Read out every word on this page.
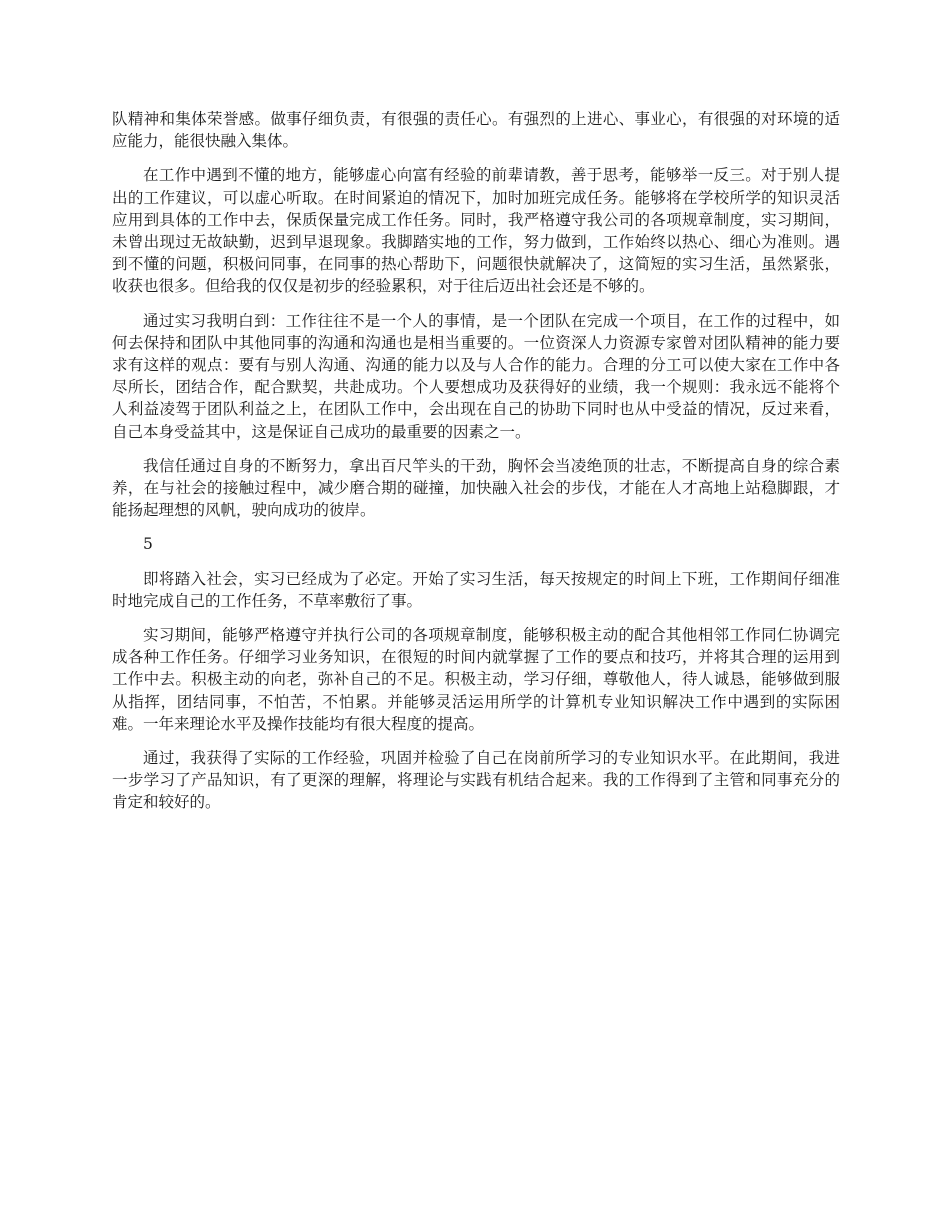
队精神和集体荣誉感。做事仔细负责，有很强的责任心。有强烈的上进心、事业心，有很强的对环境的适应能力，能很快融入集体。

在工作中遇到不懂的地方，能够虚心向富有经验的前辈请教，善于思考，能够举一反三。对于别人提出的工作建议，可以虚心听取。在时间紧迫的情况下，加时加班完成任务。能够将在学校所学的知识灵活应用到具体的工作中去，保质保量完成工作任务。同时，我严格遵守我公司的各项规章制度，实习期间，未曾出现过无故缺勤，迟到早退现象。我脚踏实地的工作，努力做到，工作始终以热心、细心为准则。遇到不懂的问题，积极问同事，在同事的热心帮助下，问题很快就解决了，这简短的实习生活，虽然紧张，收获也很多。但给我的仅仅是初步的经验累积，对于往后迈出社会还是不够的。

通过实习我明白到：工作往往不是一个人的事情，是一个团队在完成一个项目，在工作的过程中，如何去保持和团队中其他同事的沟通和沟通也是相当重要的。一位资深人力资源专家曾对团队精神的能力要求有这样的观点：要有与别人沟通、沟通的能力以及与人合作的能力。合理的分工可以使大家在工作中各尽所长，团结合作，配合默契，共赴成功。个人要想成功及获得好的业绩，我一个规则：我永远不能将个人利益凌驾于团队利益之上，在团队工作中，会出现在自己的协助下同时也从中受益的情况，反过来看，自己本身受益其中，这是保证自己成功的最重要的因素之一。

我信任通过自身的不断努力，拿出百尺竿头的干劲，胸怀会当凌绝顶的壮志，不断提高自身的综合素养，在与社会的接触过程中，减少磨合期的碰撞，加快融入社会的步伐，才能在人才高地上站稳脚跟，才能扬起理想的风帆，驶向成功的彼岸。

5

即将踏入社会，实习已经成为了必定。开始了实习生活，每天按规定的时间上下班，工作期间仔细准时地完成自己的工作任务，不草率敷衍了事。

实习期间，能够严格遵守并执行公司的各项规章制度，能够积极主动的配合其他相邻工作同仁协调完成各种工作任务。仔细学习业务知识，在很短的时间内就掌握了工作的要点和技巧，并将其合理的运用到工作中去。积极主动的向老，弥补自己的不足。积极主动，学习仔细，尊敬他人，待人诚恳，能够做到服从指挥，团结同事，不怕苦，不怕累。并能够灵活运用所学的计算机专业知识解决工作中遇到的实际困难。一年来理论水平及操作技能均有很大程度的提高。

通过，我获得了实际的工作经验，巩固并检验了自己在岗前所学习的专业知识水平。在此期间，我进一步学习了产品知识，有了更深的理解，将理论与实践有机结合起来。我的工作得到了主管和同事充分的肯定和较好的。
